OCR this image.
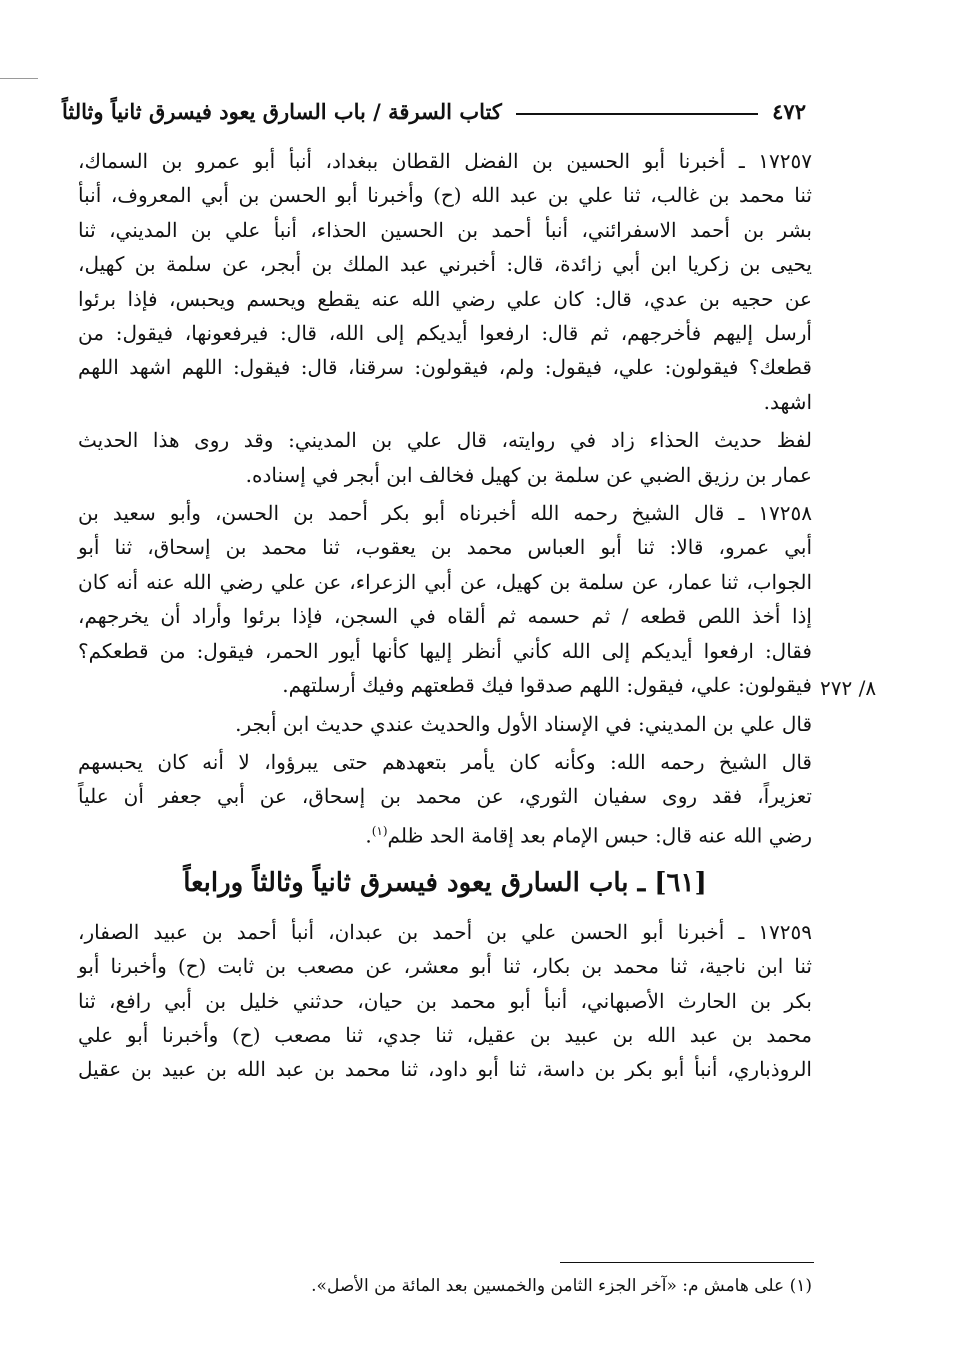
٤٧٢
كتاب السرقة / باب السارق يعود فيسرق ثانياً وثالثاً
٨/ ٢٧٢

١٧٢٥٧ ـ أخبرنا أبو الحسين بن الفضل القطان ببغداد، أنبأ أبو عمرو بن السماك،
ثنا محمد بن غالب، ثنا علي بن عبد الله (ح) وأخبرنا أبو الحسن بن أبي المعروف، أنبأ
بشر بن أحمد الاسفرائني، أنبأ أحمد بن الحسين الحذاء، أنبأ علي بن المديني، ثنا
يحيى بن زكريا ابن أبي زائدة، قال: أخبرني عبد الملك بن أبجر، عن سلمة بن كهيل،
عن حجيه بن عدي، قال: كان علي رضي الله عنه يقطع ويحسم ويحبس، فإذا برئوا
أرسل إليهم فأخرجهم، ثم قال: ارفعوا أيديكم إلى الله، قال: فيرفعونها، فيقول: من
قطعك؟ فيقولون: علي، فيقول: ولم، فيقولون: سرقنا، قال: فيقول: اللهم اشهد اللهم
اشهد.

لفظ حديث الحذاء زاد في روايته، قال علي بن المديني: وقد روى هذا الحديث
عمار بن رزيق الضبي عن سلمة بن كهيل فخالف ابن أبجر في إسناده.

١٧٢٥٨ ـ قال الشيخ رحمه الله أخبرناه أبو بكر أحمد بن الحسن، وأبو سعيد بن
أبي عمرو، قالا: ثنا أبو العباس محمد بن يعقوب، ثنا محمد بن إسحاق، ثنا أبو
الجواب، ثنا عمار، عن سلمة بن كهيل، عن أبي الزعراء، عن علي رضي الله عنه أنه كان
إذا أخذ اللص قطعه / ثم حسمه ثم ألقاه في السجن، فإذا برئوا وأراد أن يخرجهم،
فقال: ارفعوا أيديكم إلى الله كأني أنظر إليها كأنها أيور الحمر، فيقول: من قطعكم؟
فيقولون: علي، فيقول: اللهم صدقوا فيك قطعتهم وفيك أرسلتهم.

قال علي بن المديني: في الإسناد الأول والحديث عندي حديث ابن أبجر.

قال الشيخ رحمه الله: وكأنه كان يأمر بتعهدهم حتى يبرؤوا، لا أنه كان يحبسهم
تعزيراً، فقد روى سفيان الثوري، عن محمد بن إسحاق، عن أبي جعفر أن علياً
رضي الله عنه قال: حبس الإمام بعد إقامة الحد ظلم$^{(١)}$.

[٦١] ـ باب السارق يعود فيسرق ثانياً وثالثاً ورابعاً

١٧٢٥٩ ـ أخبرنا أبو الحسن علي بن أحمد بن عبدان، أنبأ أحمد بن عبيد الصفار،
ثنا ابن ناجية، ثنا محمد بن بكار، ثنا أبو معشر، عن مصعب بن ثابت (ح) وأخبرنا أبو
بكر بن الحارث الأصبهاني، أنبأ أبو محمد بن حيان، حدثني خليل بن أبي رافع، ثنا
محمد بن عبد الله بن عبيد بن عقيل، ثنا جدي، ثنا مصعب (ح) وأخبرنا أبو علي
الروذباري، أنبأ أبو بكر بن داسة، ثنا أبو داود، ثنا محمد بن عبد الله بن عبيد بن عقيل

(١) على هامش م: «آخر الجزء الثامن والخمسين بعد المائة من الأصل».
